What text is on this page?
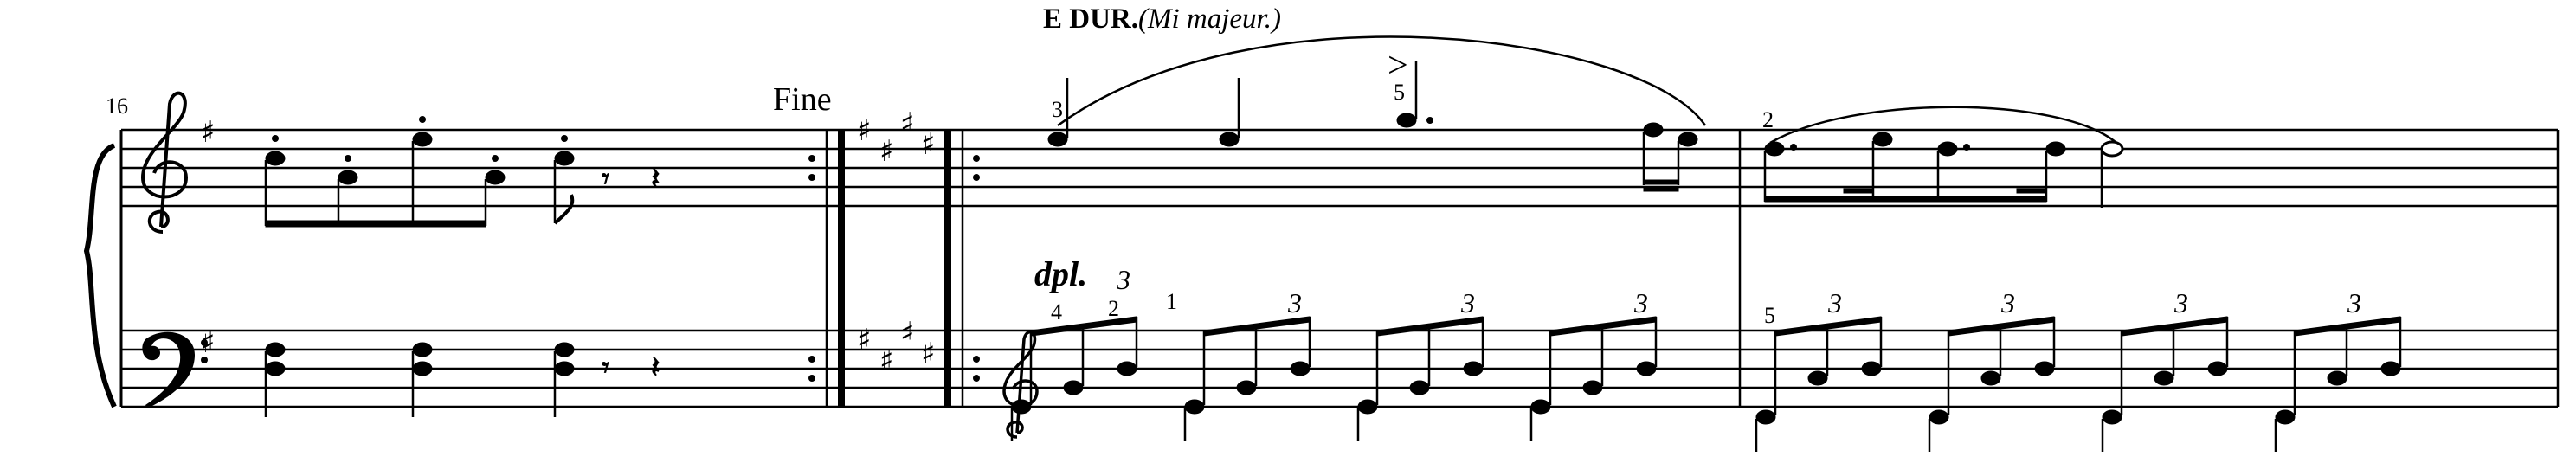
E DUR.(Mi majeur.)
16	Fine
dpl.
3
5
>
2
4 2 1
5
3
3	3	3	3	3	3	3
♯
♯
♯
♯
♯
♯
♯
♯
♯
♯
𝄾 𝄽
𝄾 𝄽
